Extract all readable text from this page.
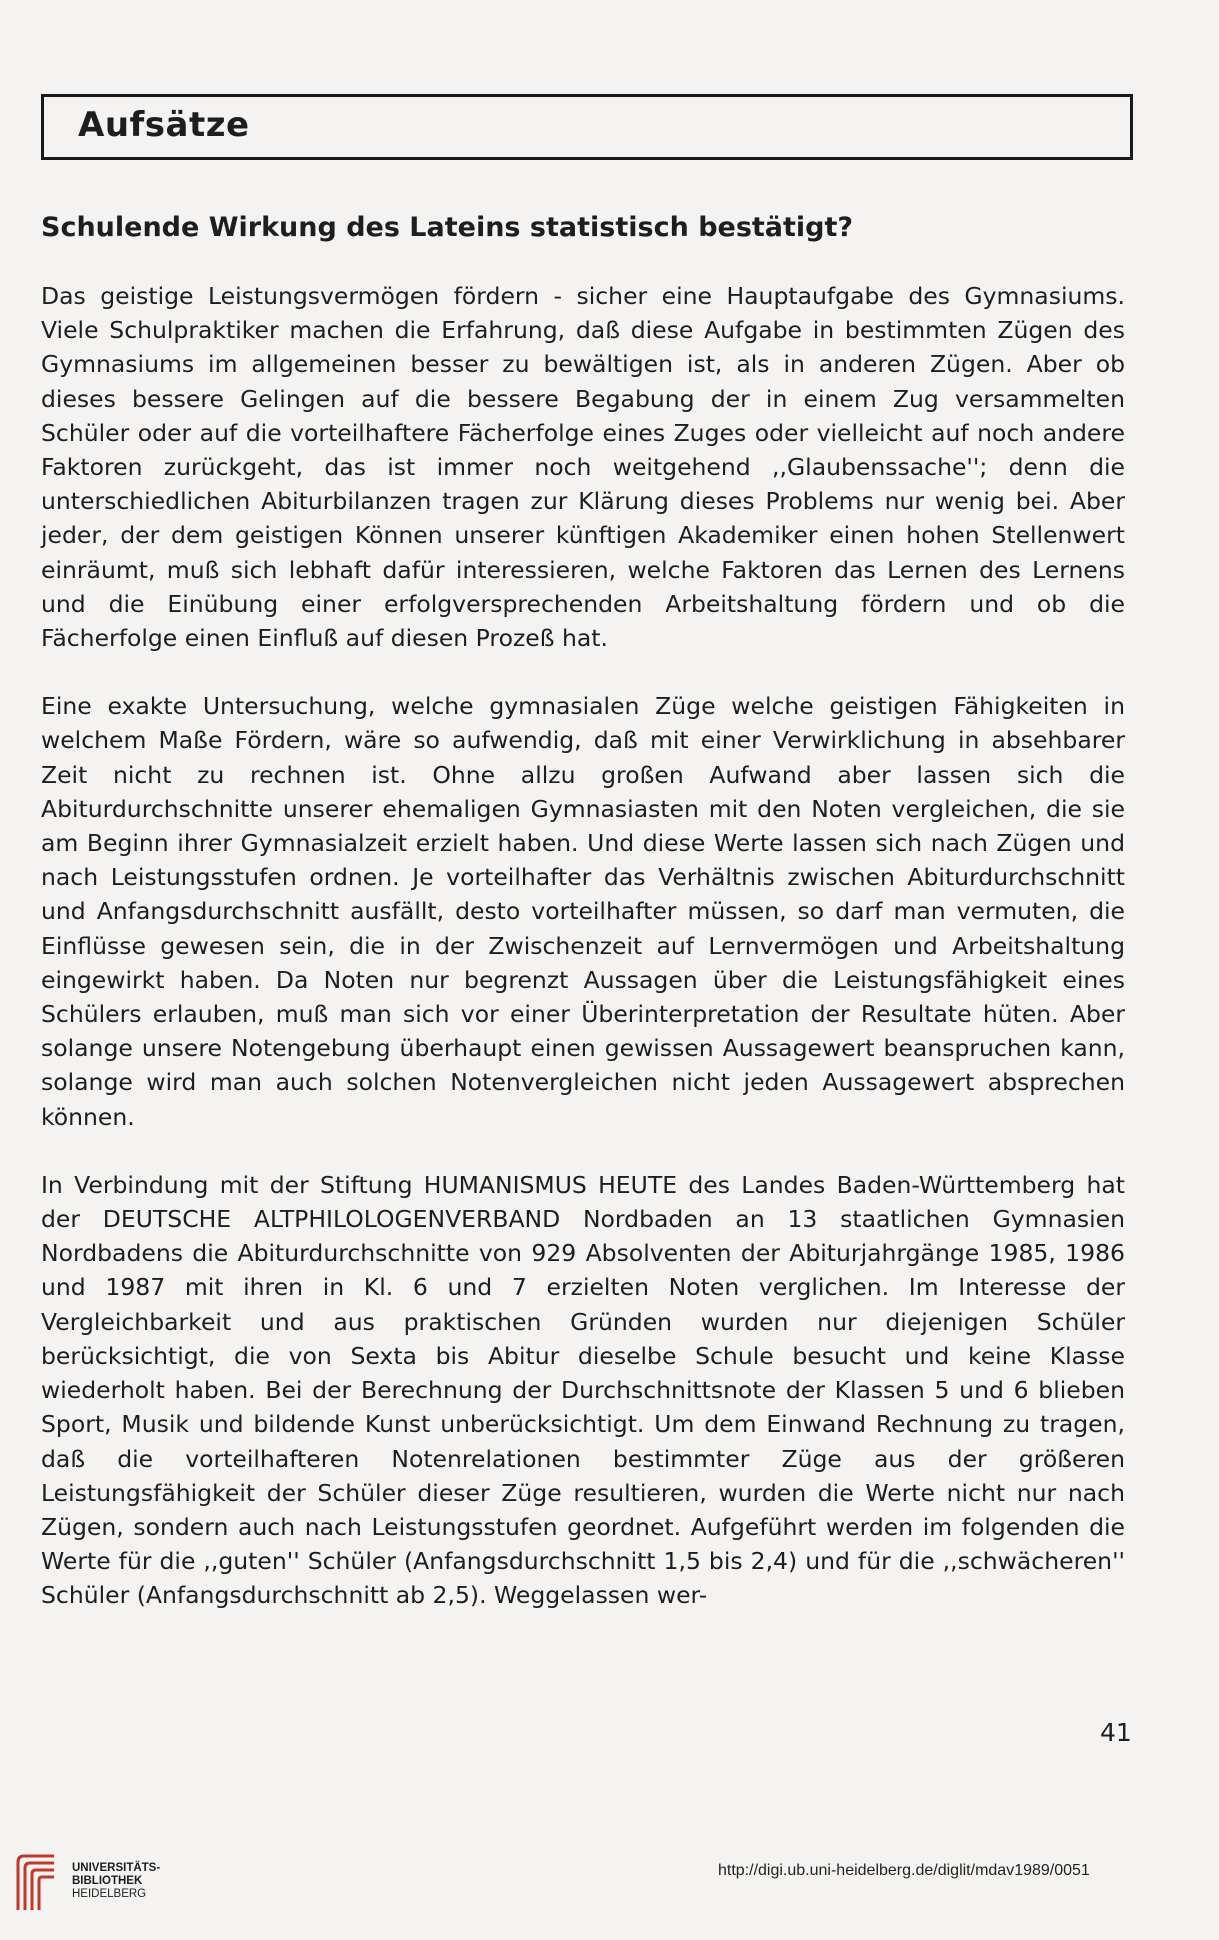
Aufsätze
Schulende Wirkung des Lateins statistisch bestätigt?

Das geistige Leistungsvermögen fördern - sicher eine Hauptaufgabe des Gymnasiums. Viele Schulpraktiker machen die Erfahrung, daß diese Aufgabe in bestimmten Zügen des Gymnasiums im allgemeinen besser zu bewältigen ist, als in anderen Zügen. Aber ob dieses bessere Gelingen auf die bessere Begabung der in einem Zug versammelten Schüler oder auf die vorteilhaftere Fächerfolge eines Zuges oder vielleicht auf noch andere Faktoren zurückgeht, das ist immer noch weitgehend ,,Glaubenssache''; denn die unterschiedlichen Abiturbilanzen tragen zur Klärung dieses Problems nur wenig bei. Aber jeder, der dem geistigen Können unserer künftigen Akademiker einen hohen Stellenwert einräumt, muß sich lebhaft dafür interessieren, welche Faktoren das Lernen des Lernens und die Einübung einer erfolgversprechenden Arbeitshaltung fördern und ob die Fächerfolge einen Einfluß auf diesen Prozeß hat.

Eine exakte Untersuchung, welche gymnasialen Züge welche geistigen Fähigkeiten in welchem Maße Fördern, wäre so aufwendig, daß mit einer Verwirklichung in absehbarer Zeit nicht zu rechnen ist. Ohne allzu großen Aufwand aber lassen sich die Abiturdurchschnitte unserer ehemaligen Gymnasiasten mit den Noten vergleichen, die sie am Beginn ihrer Gymnasialzeit erzielt haben. Und diese Werte lassen sich nach Zügen und nach Leistungsstufen ordnen. Je vorteilhafter das Verhältnis zwischen Abiturdurchschnitt und Anfangsdurchschnitt ausfällt, desto vorteilhafter müssen, so darf man vermuten, die Einflüsse gewesen sein, die in der Zwischenzeit auf Lernvermögen und Arbeitshaltung eingewirkt haben. Da Noten nur begrenzt Aussagen über die Leistungsfähigkeit eines Schülers erlauben, muß man sich vor einer Überinterpretation der Resultate hüten. Aber solange unsere Notengebung überhaupt einen gewissen Aussagewert beanspruchen kann, solange wird man auch solchen Notenvergleichen nicht jeden Aussagewert absprechen können.

In Verbindung mit der Stiftung HUMANISMUS HEUTE des Landes Baden-Württemberg hat der DEUTSCHE ALTPHILOLOGENVERBAND Nordbaden an 13 staatlichen Gymnasien Nordbadens die Abiturdurchschnitte von 929 Absolventen der Abiturjahrgänge 1985, 1986 und 1987 mit ihren in Kl. 6 und 7 erzielten Noten verglichen. Im Interesse der Vergleichbarkeit und aus praktischen Gründen wurden nur diejenigen Schüler berücksichtigt, die von Sexta bis Abitur dieselbe Schule besucht und keine Klasse wiederholt haben. Bei der Berechnung der Durchschnittsnote der Klassen 5 und 6 blieben Sport, Musik und bildende Kunst unberücksichtigt. Um dem Einwand Rechnung zu tragen, daß die vorteilhafteren Notenrelationen bestimmter Züge aus der größeren Leistungsfähigkeit der Schüler dieser Züge resultieren, wurden die Werte nicht nur nach Zügen, sondern auch nach Leistungsstufen geordnet. Aufgeführt werden im folgenden die Werte für die ,,guten'' Schüler (Anfangsdurchschnitt 1,5 bis 2,4) und für die ,,schwächeren'' Schüler (Anfangsdurchschnitt ab 2,5). Weggelassen wer-

41
UNIVERSITÄTS-
BIBLIOTHEK
HEIDELBERG
http://digi.ub.uni-heidelberg.de/diglit/mdav1989/0051
